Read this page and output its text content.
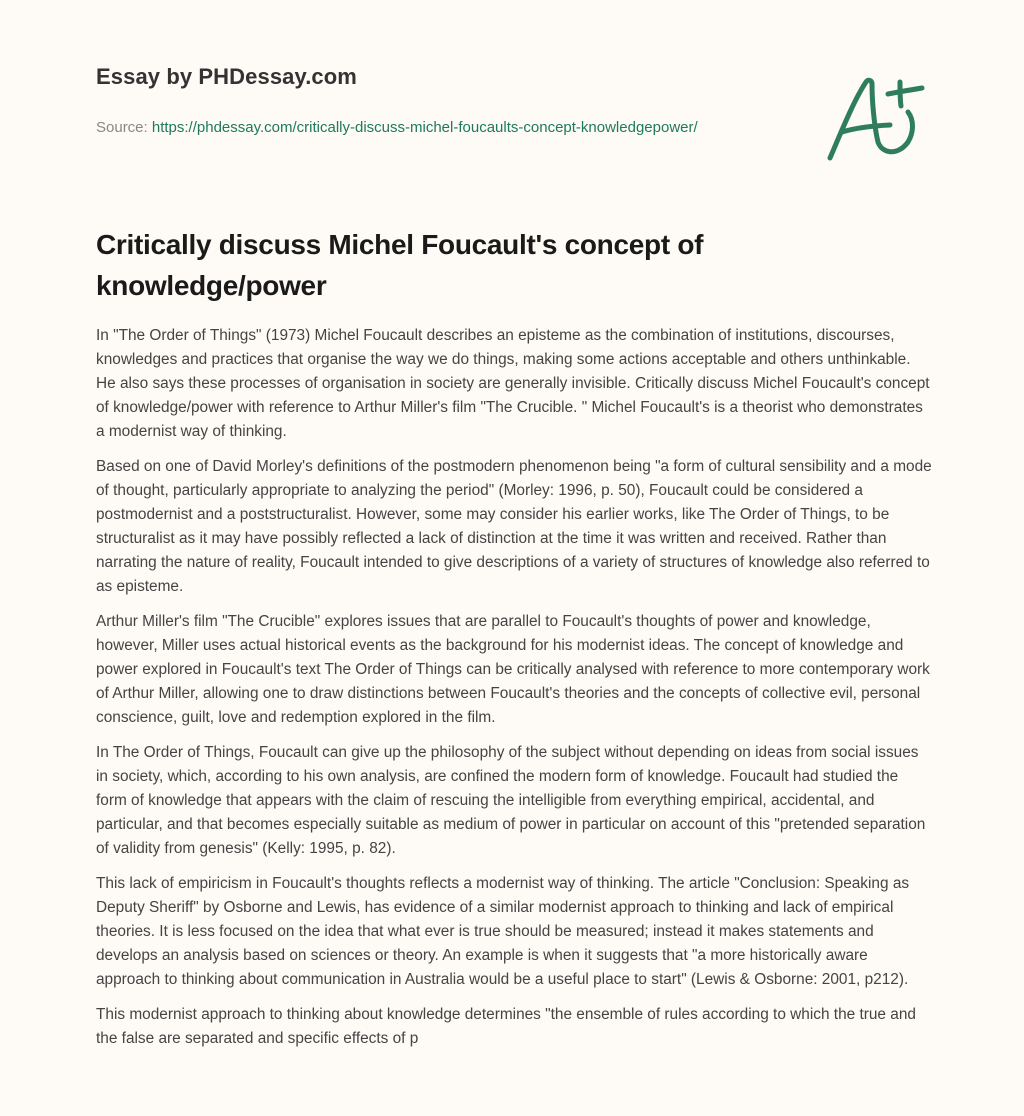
Essay by PHDessay.com
Source: https://phdessay.com/critically-discuss-michel-foucaults-concept-knowledgepower/
Critically discuss Michel Foucault's concept of knowledge/power

In "The Order of Things" (1973) Michel Foucault describes an episteme as the combination of institutions, discourses, knowledges and practices that organise the way we do things, making some actions acceptable and others unthinkable. He also says these processes of organisation in society are generally invisible. Critically discuss Michel Foucault's concept of knowledge/power with reference to Arthur Miller's film "The Crucible. " Michel Foucault's is a theorist who demonstrates a modernist way of thinking.

Based on one of David Morley's definitions of the postmodern phenomenon being "a form of cultural sensibility and a mode of thought, particularly appropriate to analyzing the period" (Morley: 1996, p. 50), Foucault could be considered a postmodernist and a poststructuralist. However, some may consider his earlier works, like The Order of Things, to be structuralist as it may have possibly reflected a lack of distinction at the time it was written and received. Rather than narrating the nature of reality, Foucault intended to give descriptions of a variety of structures of knowledge also referred to as episteme.

Arthur Miller's film "The Crucible" explores issues that are parallel to Foucault's thoughts of power and knowledge, however, Miller uses actual historical events as the background for his modernist ideas. The concept of knowledge and power explored in Foucault's text The Order of Things can be critically analysed with reference to more contemporary work of Arthur Miller, allowing one to draw distinctions between Foucault's theories and the concepts of collective evil, personal conscience, guilt, love and redemption explored in the film.

In The Order of Things, Foucault can give up the philosophy of the subject without depending on ideas from social issues in society, which, according to his own analysis, are confined the modern form of knowledge. Foucault had studied the form of knowledge that appears with the claim of rescuing the intelligible from everything empirical, accidental, and particular, and that becomes especially suitable as medium of power in particular on account of this "pretended separation of validity from genesis" (Kelly: 1995, p. 82).

This lack of empiricism in Foucault's thoughts reflects a modernist way of thinking. The article "Conclusion: Speaking as Deputy Sheriff" by Osborne and Lewis, has evidence of a similar modernist approach to thinking and lack of empirical theories. It is less focused on the idea that what ever is true should be measured; instead it makes statements and develops an analysis based on sciences or theory. An example is when it suggests that "a more historically aware approach to thinking about communication in Australia would be a useful place to start" (Lewis & Osborne: 2001, p212).

This modernist approach to thinking about knowledge determines "the ensemble of rules according to which the true and the false are separated and specific effects of p
